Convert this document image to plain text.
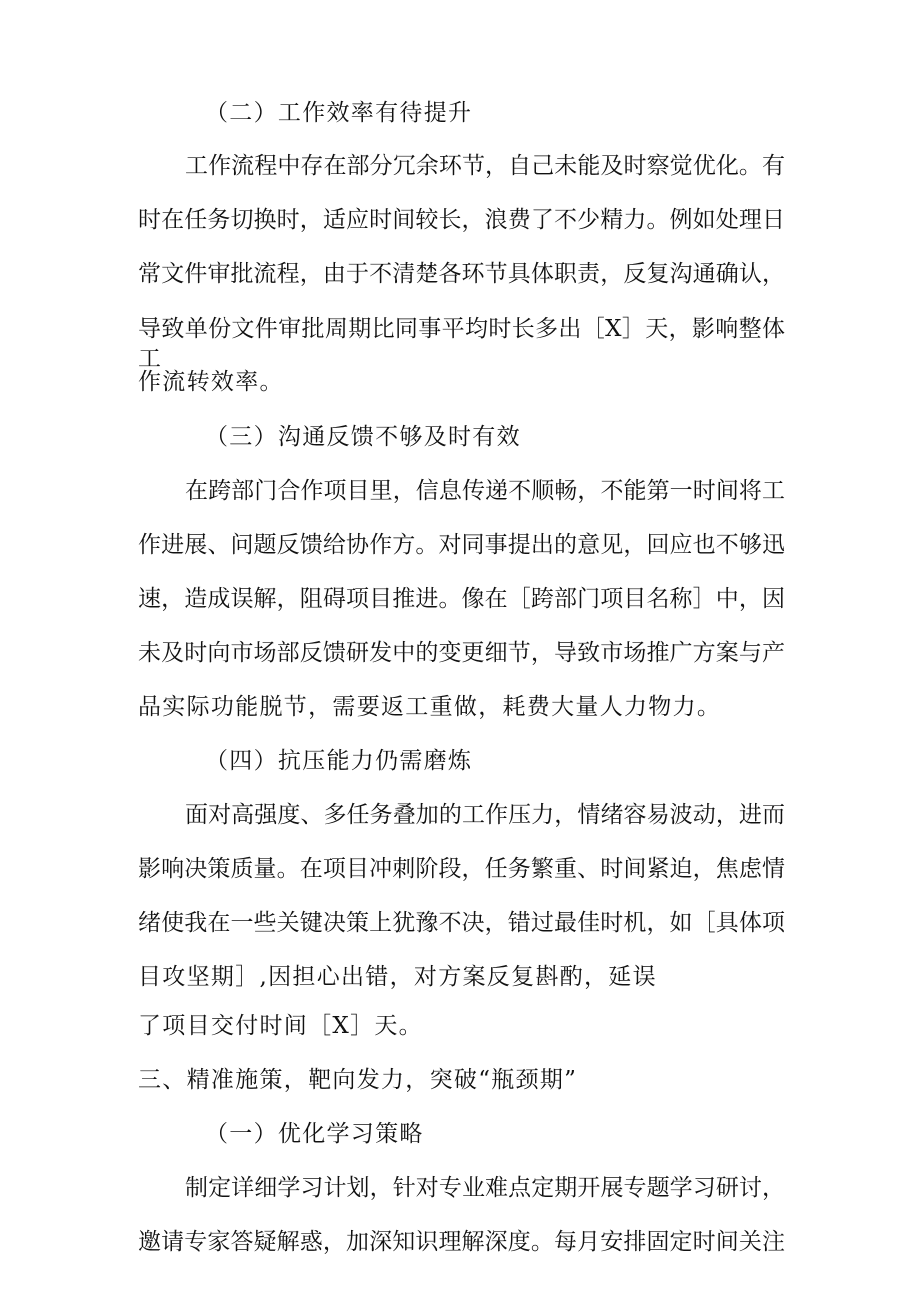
（二）工作效率有待提升
工作流程中存在部分冗余环节，自己未能及时察觉优化。有
时在任务切换时，适应时间较长，浪费了不少精力。例如处理日
常文件审批流程，由于不清楚各环节具体职责，反复沟通确认，
导致单份文件审批周期比同事平均时长多出［X］天，影响整体工
作流转效率。
（三）沟通反馈不够及时有效
在跨部门合作项目里，信息传递不顺畅，不能第一时间将工
作进展、问题反馈给协作方。对同事提出的意见，回应也不够迅
速，造成误解，阻碍项目推进。像在［跨部门项目名称］中，因
未及时向市场部反馈研发中的变更细节，导致市场推广方案与产
品实际功能脱节，需要返工重做，耗费大量人力物力。
（四）抗压能力仍需磨炼
面对高强度、多任务叠加的工作压力，情绪容易波动，进而
影响决策质量。在项目冲刺阶段，任务繁重、时间紧迫，焦虑情
绪使我在一些关键决策上犹豫不决，错过最佳时机，如［具体项
目攻坚期］,因担心出错，对方案反复斟酌，延误
了项目交付时间［X］天。
三、精准施策，靶向发力，突破“瓶颈期”
（一）优化学习策略
制定详细学习计划，针对专业难点定期开展专题学习研讨，
邀请专家答疑解惑，加深知识理解深度。每月安排固定时间关注
